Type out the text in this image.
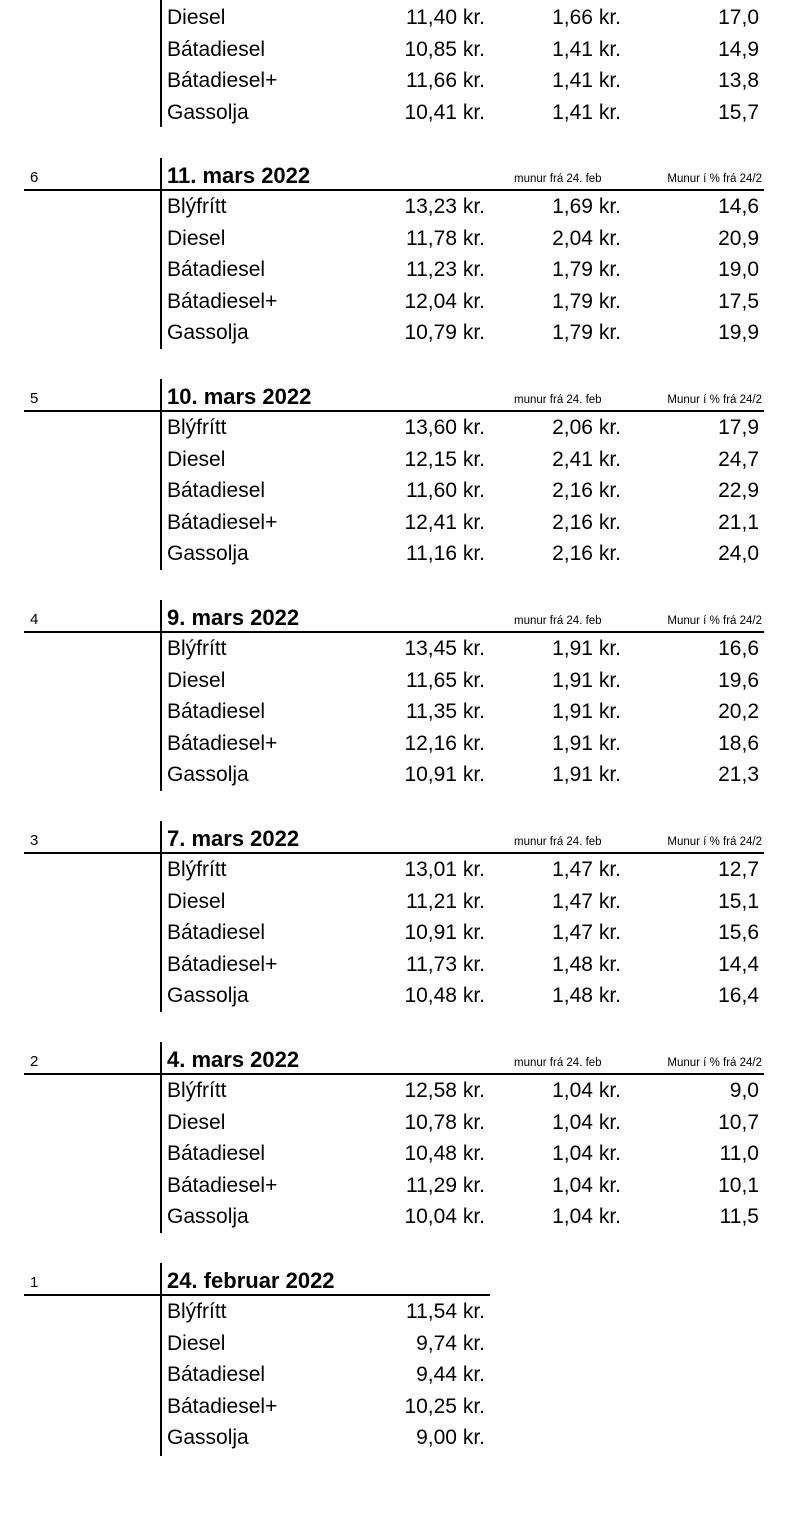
Diesel	11,40 kr.	1,66 kr.	17,0
Bátadiesel	10,85 kr.	1,41 kr.	14,9
Bátadiesel+	11,66 kr.	1,41 kr.	13,8
Gassolja	10,41 kr.	1,41 kr.	15,7
6	11. mars 2022	munur frá 24. feb	Munur í % frá 24/2
Blýfrítt	13,23 kr.	1,69 kr.	14,6
Diesel	11,78 kr.	2,04 kr.	20,9
Bátadiesel	11,23 kr.	1,79 kr.	19,0
Bátadiesel+	12,04 kr.	1,79 kr.	17,5
Gassolja	10,79 kr.	1,79 kr.	19,9
5	10. mars 2022	munur frá 24. feb	Munur í % frá 24/2
Blýfrítt	13,60 kr.	2,06 kr.	17,9
Diesel	12,15 kr.	2,41 kr.	24,7
Bátadiesel	11,60 kr.	2,16 kr.	22,9
Bátadiesel+	12,41 kr.	2,16 kr.	21,1
Gassolja	11,16 kr.	2,16 kr.	24,0
4	9. mars 2022	munur frá 24. feb	Munur í % frá 24/2
Blýfrítt	13,45 kr.	1,91 kr.	16,6
Diesel	11,65 kr.	1,91 kr.	19,6
Bátadiesel	11,35 kr.	1,91 kr.	20,2
Bátadiesel+	12,16 kr.	1,91 kr.	18,6
Gassolja	10,91 kr.	1,91 kr.	21,3
3	7. mars 2022	munur frá 24. feb	Munur í % frá 24/2
Blýfrítt	13,01 kr.	1,47 kr.	12,7
Diesel	11,21 kr.	1,47 kr.	15,1
Bátadiesel	10,91 kr.	1,47 kr.	15,6
Bátadiesel+	11,73 kr.	1,48 kr.	14,4
Gassolja	10,48 kr.	1,48 kr.	16,4
2	4. mars 2022	munur frá 24. feb	Munur í % frá 24/2
Blýfrítt	12,58 kr.	1,04 kr.	9,0
Diesel	10,78 kr.	1,04 kr.	10,7
Bátadiesel	10,48 kr.	1,04 kr.	11,0
Bátadiesel+	11,29 kr.	1,04 kr.	10,1
Gassolja	10,04 kr.	1,04 kr.	11,5
1	24. februar 2022
Blýfrítt	11,54 kr.
Diesel	9,74 kr.
Bátadiesel	9,44 kr.
Bátadiesel+	10,25 kr.
Gassolja	9,00 kr.
